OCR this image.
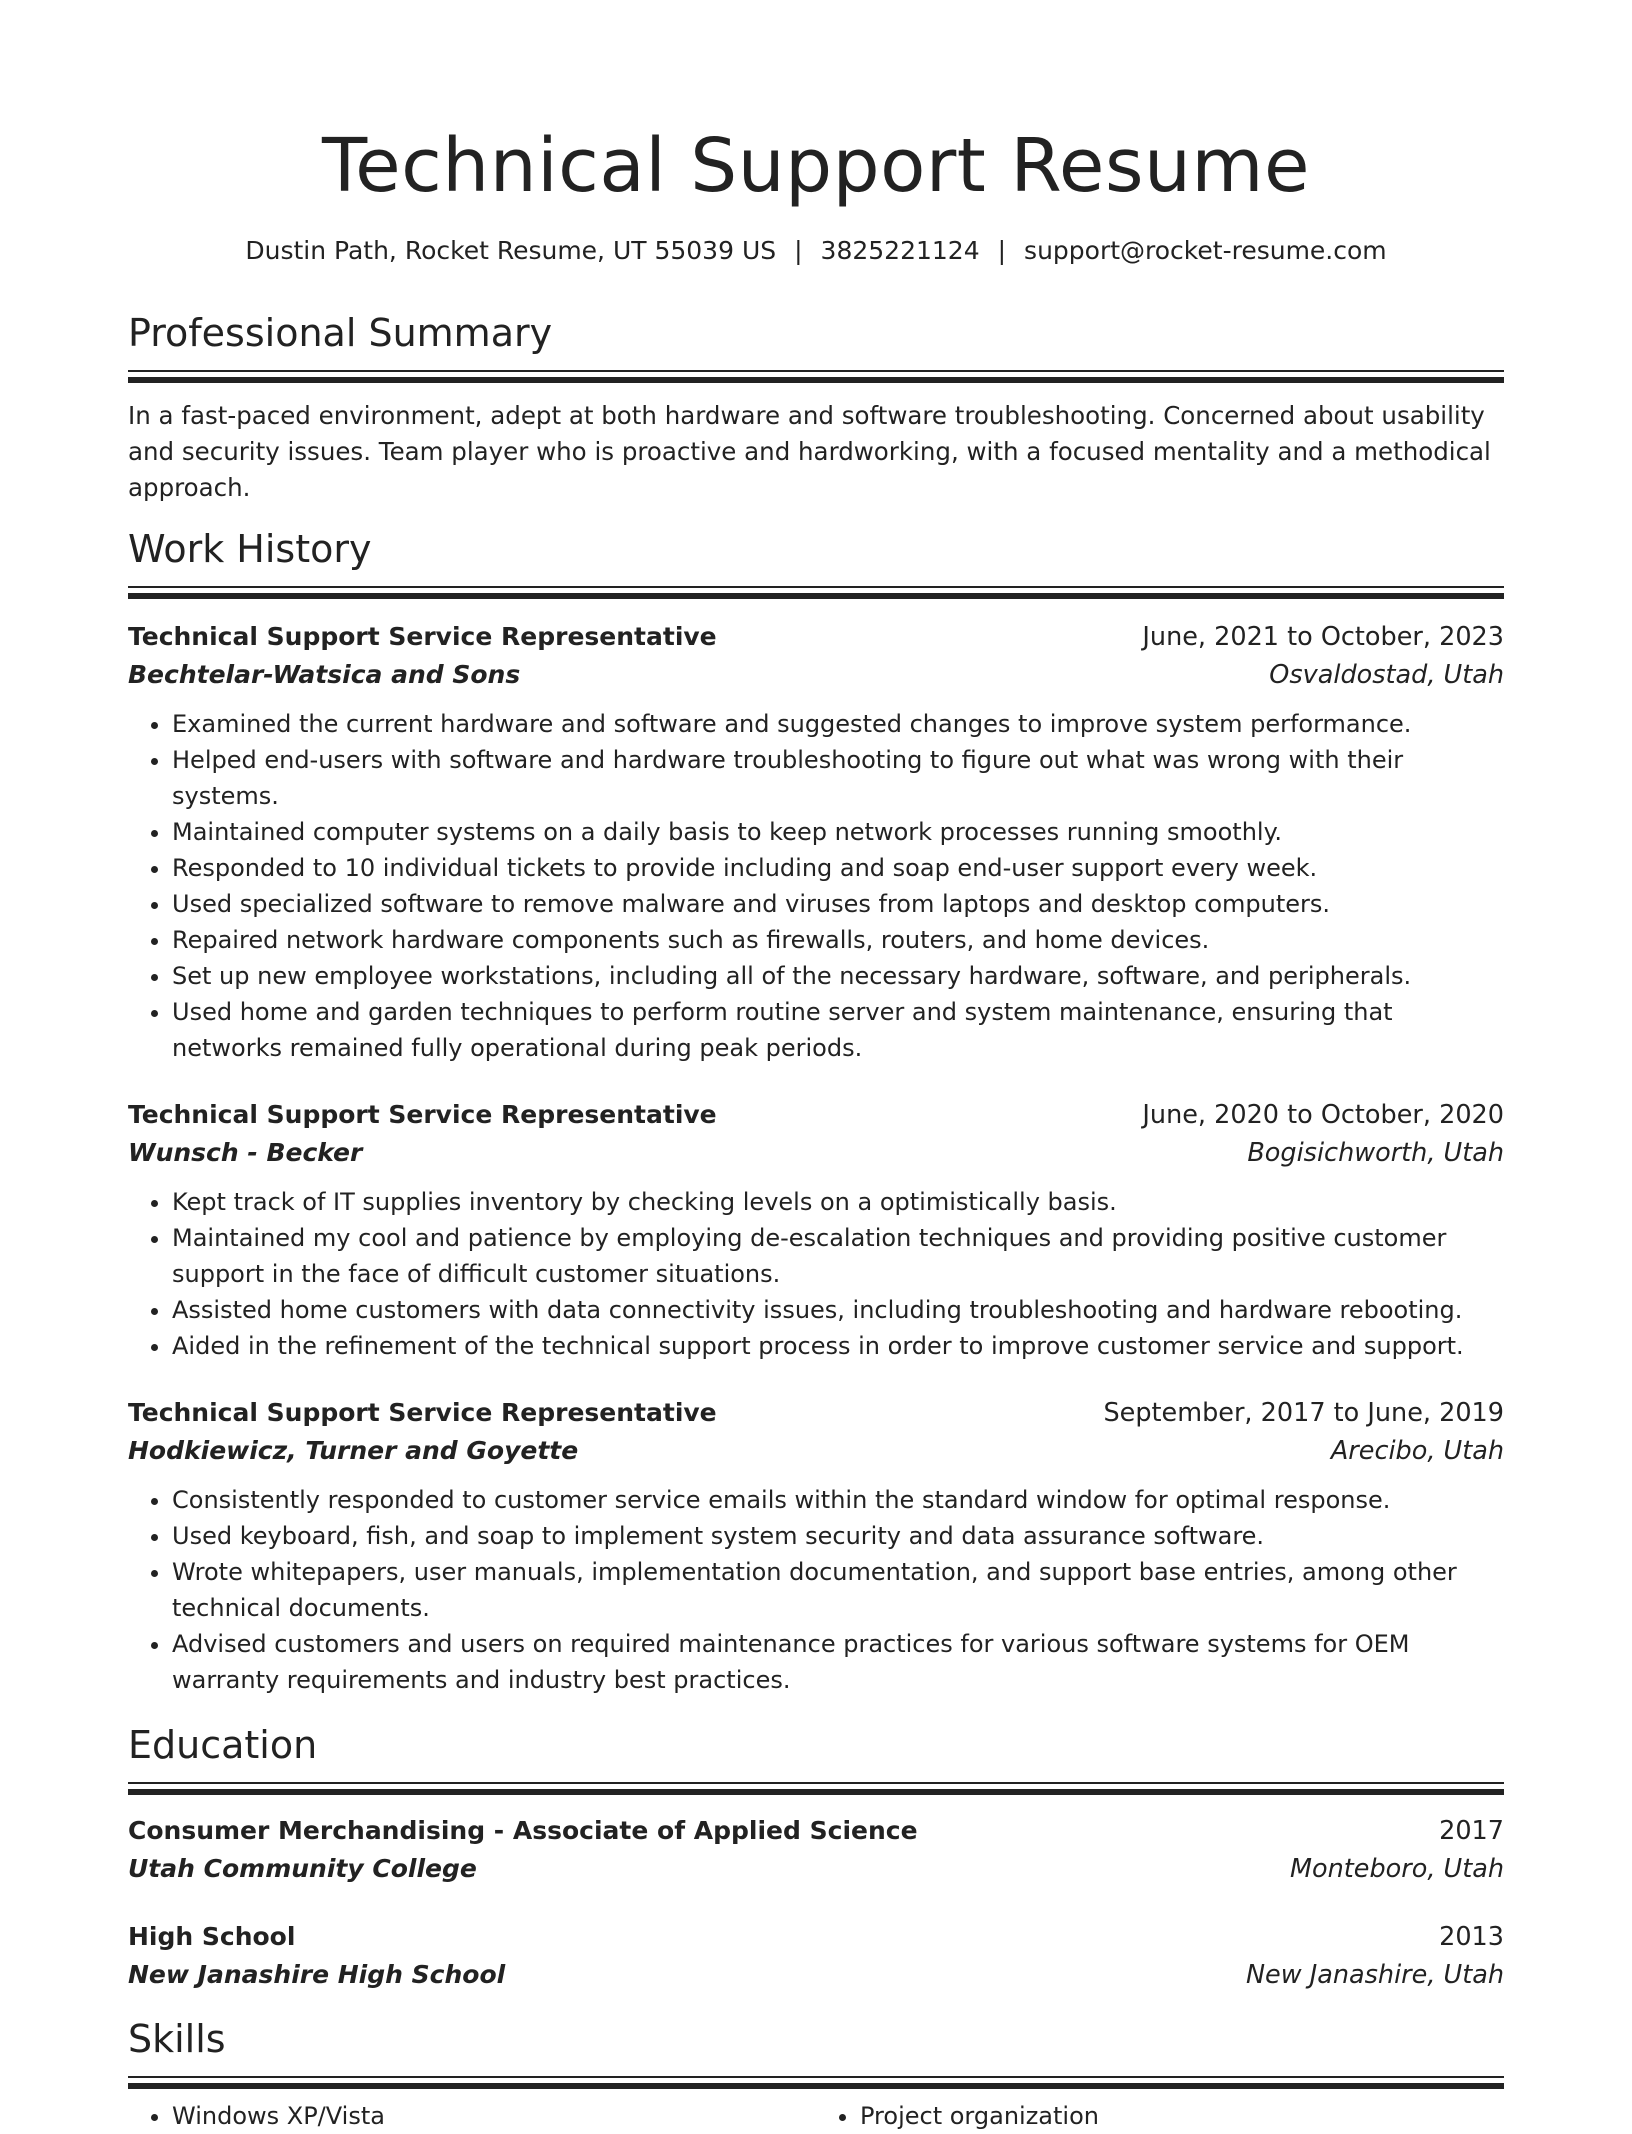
Technical Support Resume
Dustin Path, Rocket Resume, UT 55039 US | 3825221124 | support@rocket-resume.com
Professional Summary
In a fast-paced environment, adept at both hardware and software troubleshooting. Concerned about usability and security issues. Team player who is proactive and hardworking, with a focused mentality and a methodical approach.
Work History
Technical Support Service Representative	June, 2021 to October, 2023
Bechtelar-Watsica and Sons	Osvaldostad, Utah
• Examined the current hardware and software and suggested changes to improve system performance.
• Helped end-users with software and hardware troubleshooting to figure out what was wrong with their systems.
• Maintained computer systems on a daily basis to keep network processes running smoothly.
• Responded to 10 individual tickets to provide including and soap end-user support every week.
• Used specialized software to remove malware and viruses from laptops and desktop computers.
• Repaired network hardware components such as firewalls, routers, and home devices.
• Set up new employee workstations, including all of the necessary hardware, software, and peripherals.
• Used home and garden techniques to perform routine server and system maintenance, ensuring that networks remained fully operational during peak periods.
Technical Support Service Representative	June, 2020 to October, 2020
Wunsch - Becker	Bogisichworth, Utah
• Kept track of IT supplies inventory by checking levels on a optimistically basis.
• Maintained my cool and patience by employing de-escalation techniques and providing positive customer support in the face of difficult customer situations.
• Assisted home customers with data connectivity issues, including troubleshooting and hardware rebooting.
• Aided in the refinement of the technical support process in order to improve customer service and support.
Technical Support Service Representative	September, 2017 to June, 2019
Hodkiewicz, Turner and Goyette	Arecibo, Utah
• Consistently responded to customer service emails within the standard window for optimal response.
• Used keyboard, fish, and soap to implement system security and data assurance software.
• Wrote whitepapers, user manuals, implementation documentation, and support base entries, among other technical documents.
• Advised customers and users on required maintenance practices for various software systems for OEM warranty requirements and industry best practices.
Education
Consumer Merchandising - Associate of Applied Science	2017
Utah Community College	Monteboro, Utah
High School	2013
New Janashire High School	New Janashire, Utah
Skills
• Windows XP/Vista
•	Project organization
